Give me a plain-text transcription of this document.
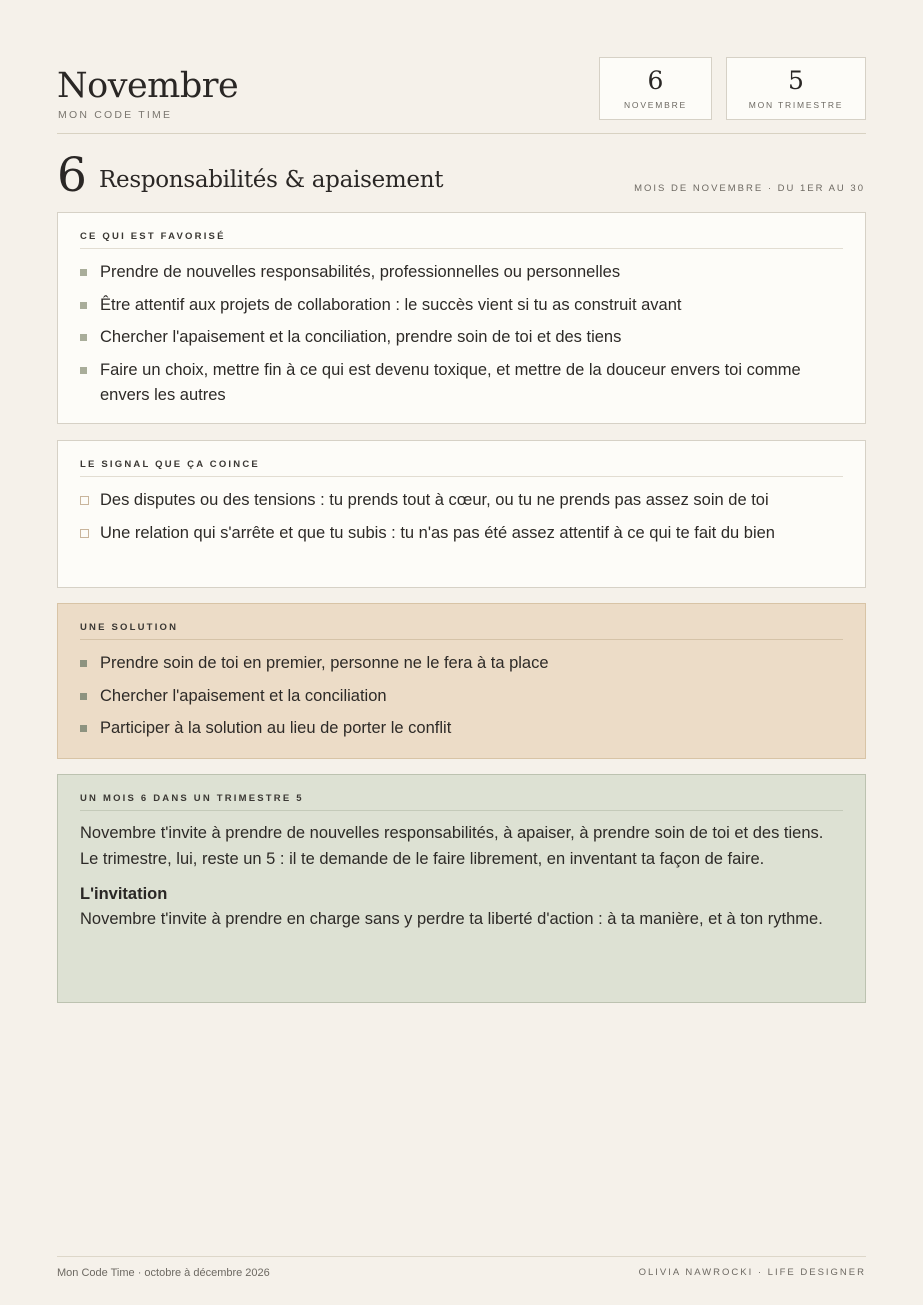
Novembre
MON CODE TIME
6
NOVEMBRE
5
MON TRIMESTRE
6 Responsabilités & apaisement	MOIS DE NOVEMBRE · DU 1ER AU 30
CE QUI EST FAVORISÉ
Prendre de nouvelles responsabilités, professionnelles ou personnelles
Être attentif aux projets de collaboration : le succès vient si tu as construit avant
Chercher l'apaisement et la conciliation, prendre soin de toi et des tiens
Faire un choix, mettre fin à ce qui est devenu toxique, et mettre de la douceur envers toi comme envers les autres
LE SIGNAL QUE ÇA COINCE
Des disputes ou des tensions : tu prends tout à cœur, ou tu ne prends pas assez soin de toi
Une relation qui s'arrête et que tu subis : tu n'as pas été assez attentif à ce qui te fait du bien
UNE SOLUTION
Prendre soin de toi en premier, personne ne le fera à ta place
Chercher l'apaisement et la conciliation
Participer à la solution au lieu de porter le conflit
UN MOIS 6 DANS UN TRIMESTRE 5

Novembre t'invite à prendre de nouvelles responsabilités, à apaiser, à prendre soin de toi et des tiens. Le trimestre, lui, reste un 5 : il te demande de le faire librement, en inventant ta façon de faire.

L'invitation

Novembre t'invite à prendre en charge sans y perdre ta liberté d'action : à ta manière, et à ton rythme.

Mon Code Time · octobre à décembre 2026	OLIVIA NAWROCKI · LIFE DESIGNER
